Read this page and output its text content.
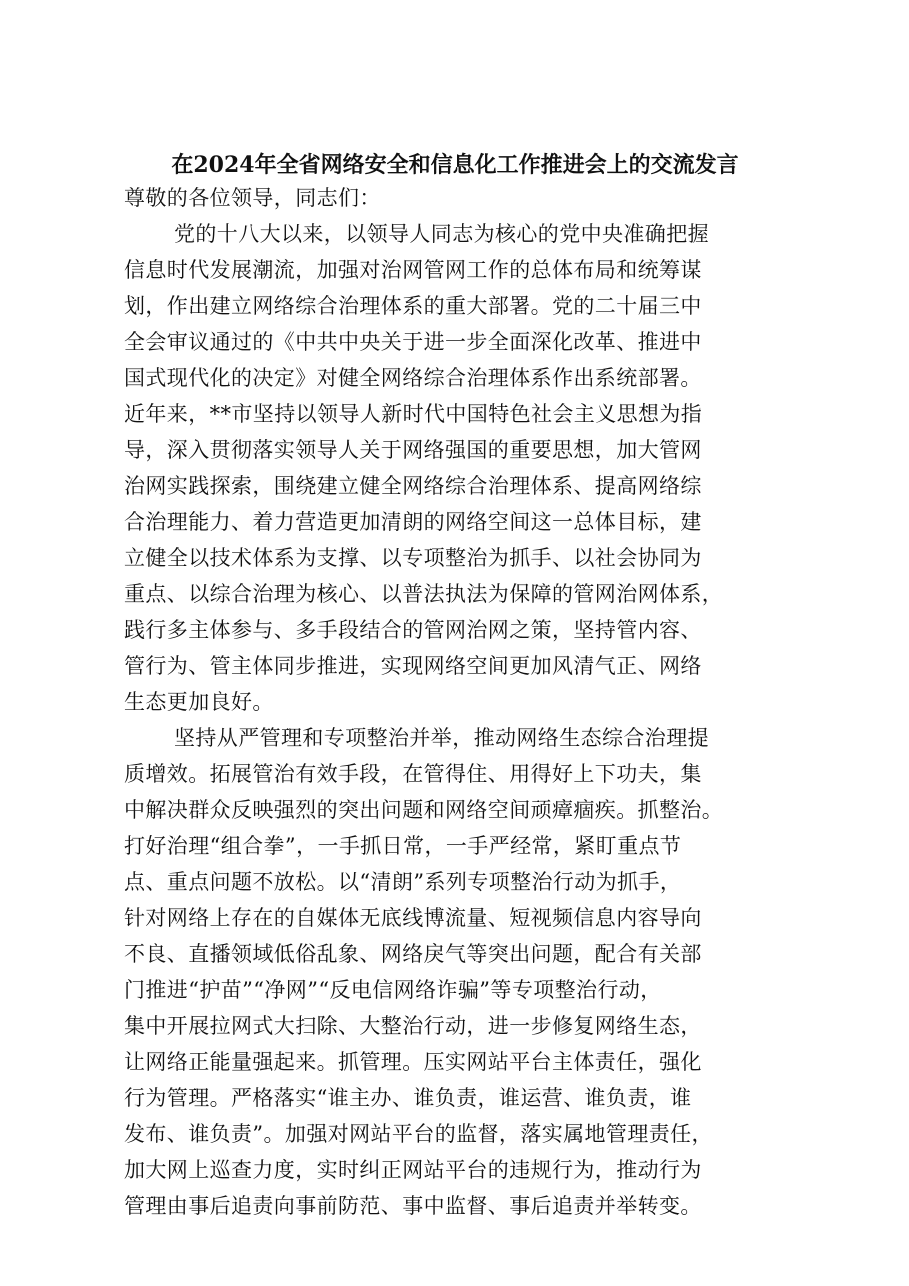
在2024年全省网络安全和信息化工作推进会上的交流发言
尊敬的各位领导，同志们：
党的十八大以来，以领导人同志为核心的党中央准确把握
信息时代发展潮流，加强对治网管网工作的总体布局和统筹谋
划，作出建立网络综合治理体系的重大部署。党的二十届三中
全会审议通过的《中共中央关于进一步全面深化改革、推进中
国式现代化的决定》对健全网络综合治理体系作出系统部署。
近年来，**市坚持以领导人新时代中国特色社会主义思想为指
导，深入贯彻落实领导人关于网络强国的重要思想，加大管网
治网实践探索，围绕建立健全网络综合治理体系、提高网络综
合治理能力、着力营造更加清朗的网络空间这一总体目标，建
立健全以技术体系为支撑、以专项整治为抓手、以社会协同为
重点、以综合治理为核心、以普法执法为保障的管网治网体系，
践行多主体参与、多手段结合的管网治网之策，坚持管内容、
管行为、管主体同步推进，实现网络空间更加风清气正、网络
生态更加良好。
坚持从严管理和专项整治并举，推动网络生态综合治理提
质增效。拓展管治有效手段，在管得住、用得好上下功夫，集
中解决群众反映强烈的突出问题和网络空间顽瘴痼疾。抓整治。
打好治理“组合拳”，一手抓日常，一手严经常，紧盯重点节
点、重点问题不放松。以“清朗”系列专项整治行动为抓手，
针对网络上存在的自媒体无底线博流量、短视频信息内容导向
不良、直播领域低俗乱象、网络戾气等突出问题，配合有关部
门推进“护苗”“净网”“反电信网络诈骗”等专项整治行动，
集中开展拉网式大扫除、大整治行动，进一步修复网络生态，
让网络正能量强起来。抓管理。压实网站平台主体责任，强化
行为管理。严格落实“谁主办、谁负责，谁运营、谁负责，谁
发布、谁负责”。加强对网站平台的监督，落实属地管理责任，
加大网上巡查力度，实时纠正网站平台的违规行为，推动行为
管理由事后追责向事前防范、事中监督、事后追责并举转变。
